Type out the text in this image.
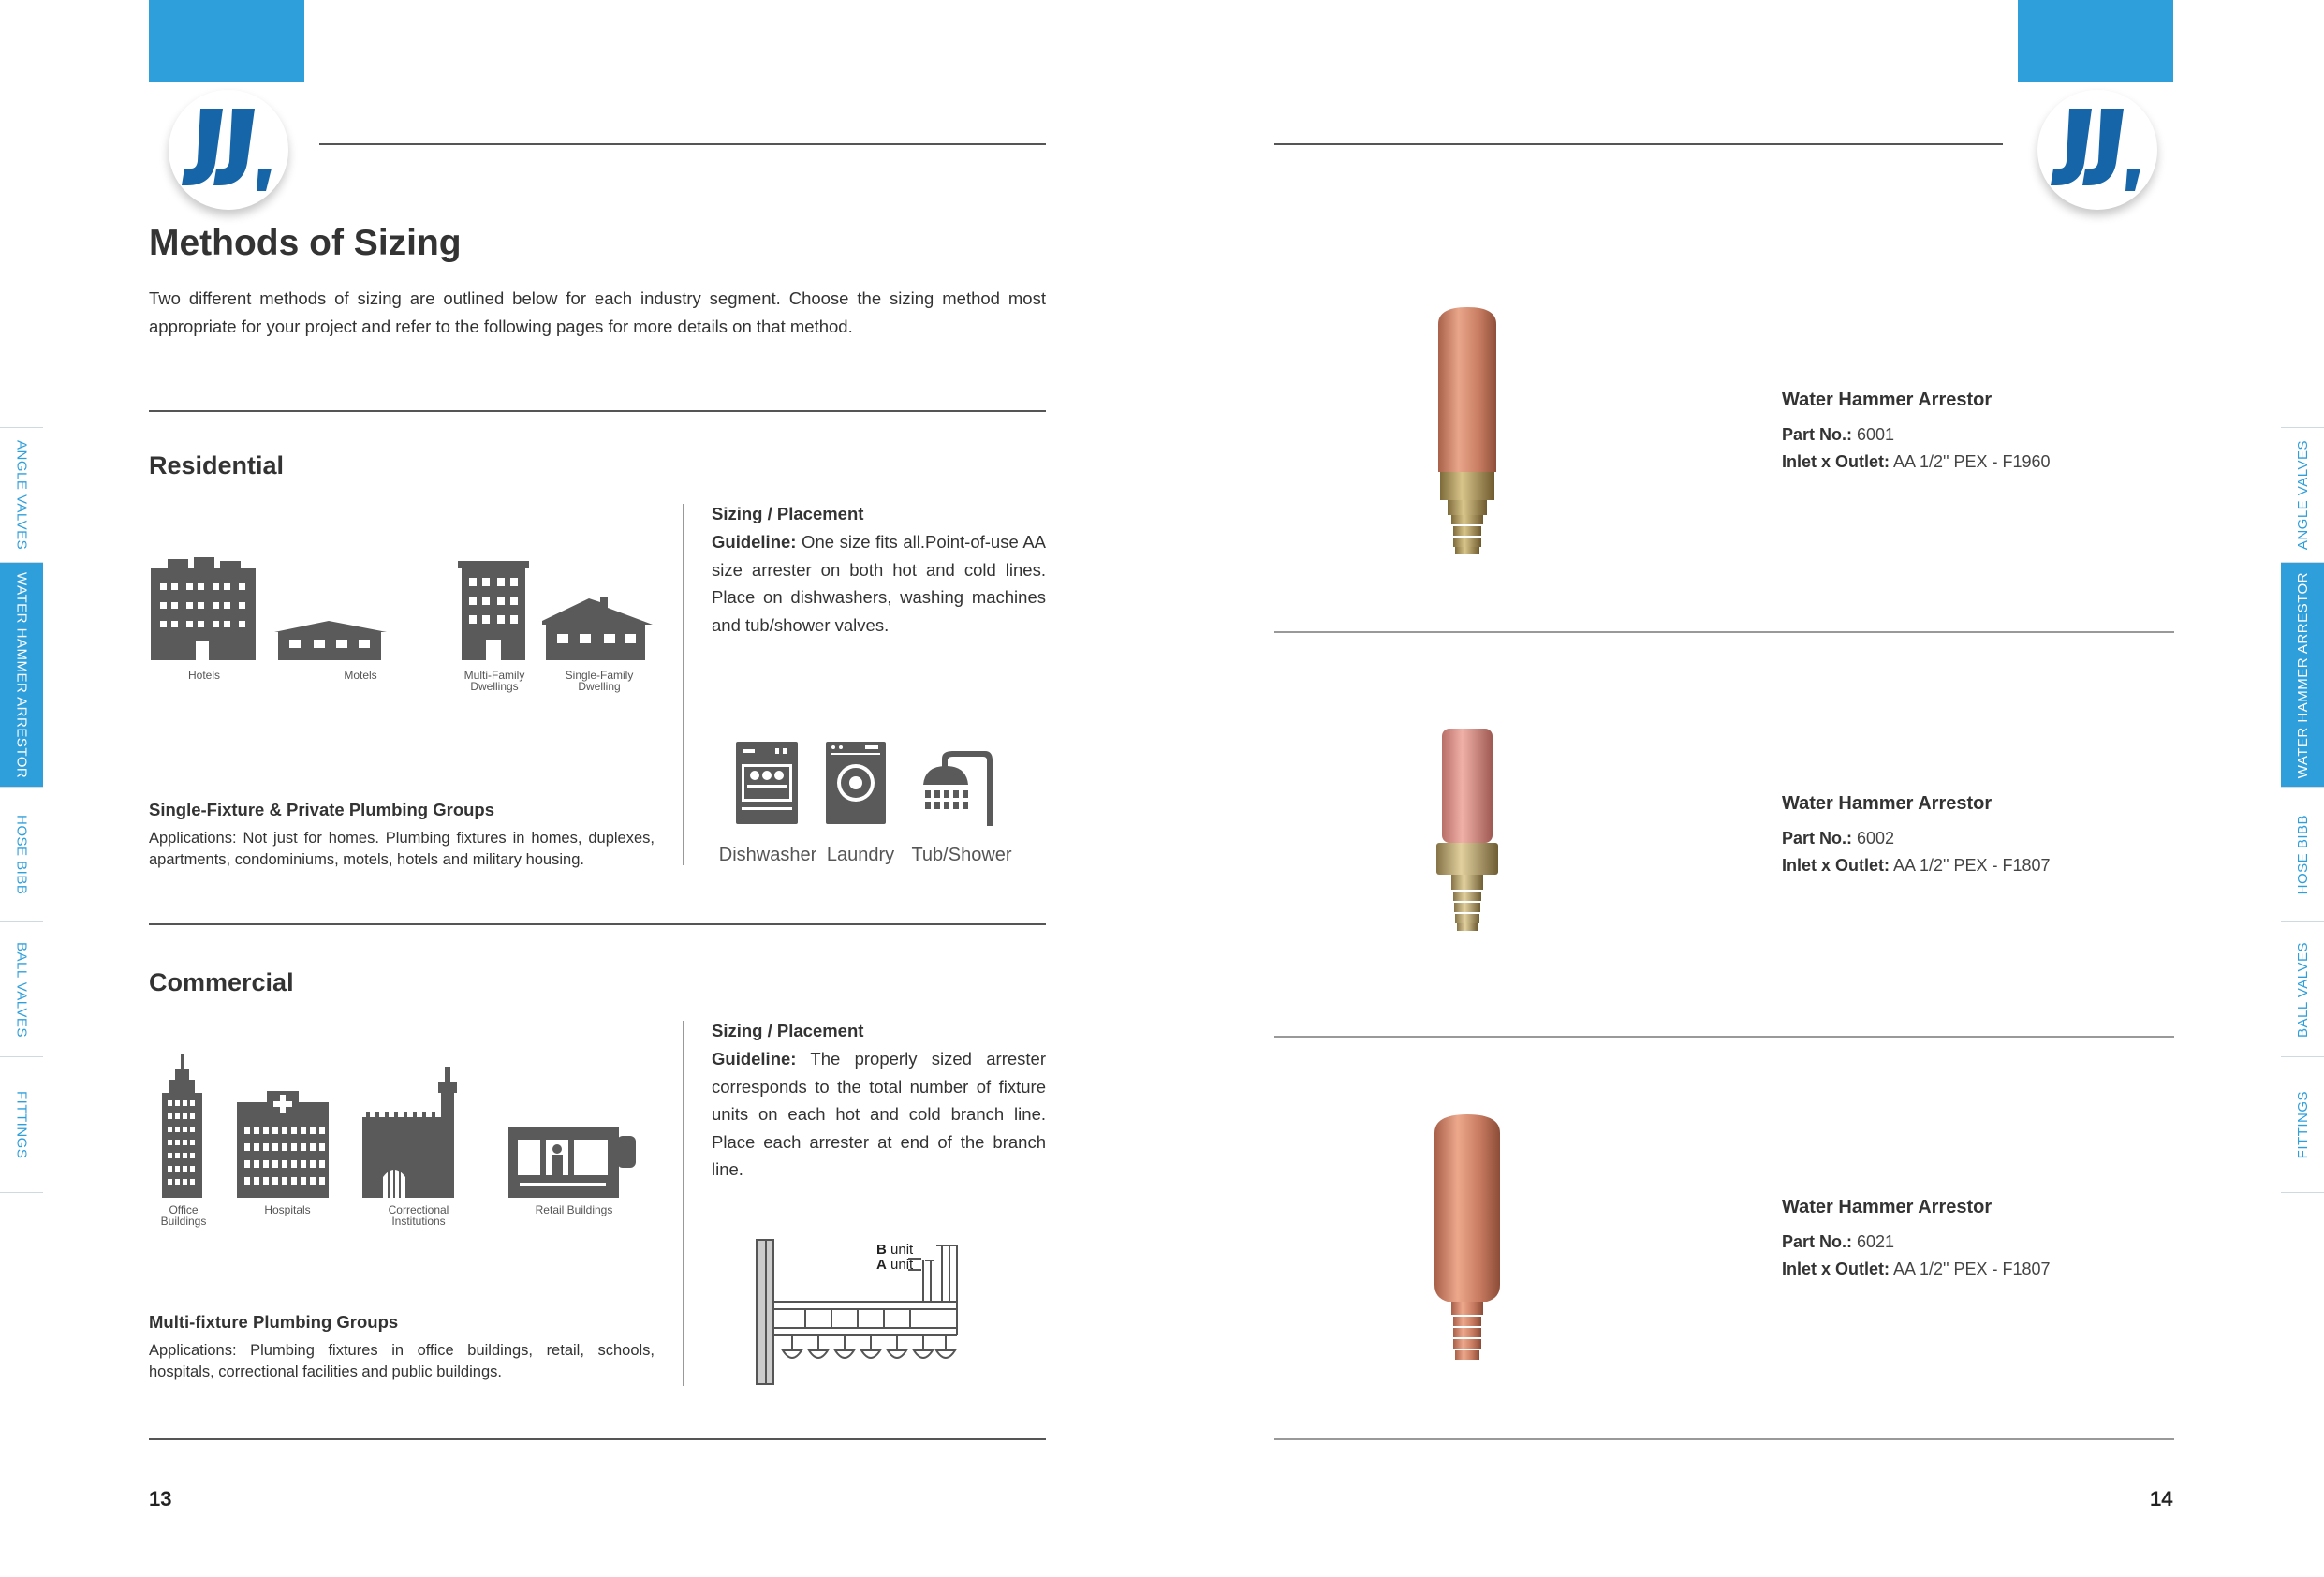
Methods of Sizing
Two different methods of sizing are outlined below for each industry segment. Choose the sizing method most appropriate for your project and refer to the following pages for more details on that method.
Residential
Hotels	Motels	Multi-Family Dwellings
Single-Family Dwelling
Single-Fixture & Private Plumbing Groups
Applications: Not just for homes. Plumbing fixtures in homes, duplexes, apartments, condominiums, motels, hotels and military housing.
Sizing / Placement
Guideline: One size fits all.Point-of-use AA size arrester on both hot and cold lines. Place on dishwashers, washing machines and tub/shower valves.
Dishwasher Laundry Tub/Shower
Commercial
Office Buildings
Hospitals	Correctional Institutions
Retail Buildings
Multi-fixture Plumbing Groups
Applications: Plumbing fixtures in office buildings, retail, schools, hospitals, correctional facilities and public buildings.
Sizing / Placement
Guideline: The properly sized arrester corresponds to the total number of fixture units on each hot and cold branch line. Place each arrester at end of the branch line.
B unit
A unit
13
Water Hammer Arrestor
Part No.: 6001
Inlet x Outlet: AA 1/2" PEX - F1960
Water Hammer Arrestor
Part No.: 6002
Inlet x Outlet: AA 1/2" PEX - F1807
Water Hammer Arrestor
Part No.: 6021
Inlet x Outlet: AA 1/2" PEX - F1807
14
ANGLE VALVES
WATER HAMMER ARRESTOR
HOSE BIBB
BALL VALVES
FITTINGS
ANGLE VALVES
WATER HAMMER ARRESTOR
HOSE BIBB
BALL VALVES
FITTINGS
